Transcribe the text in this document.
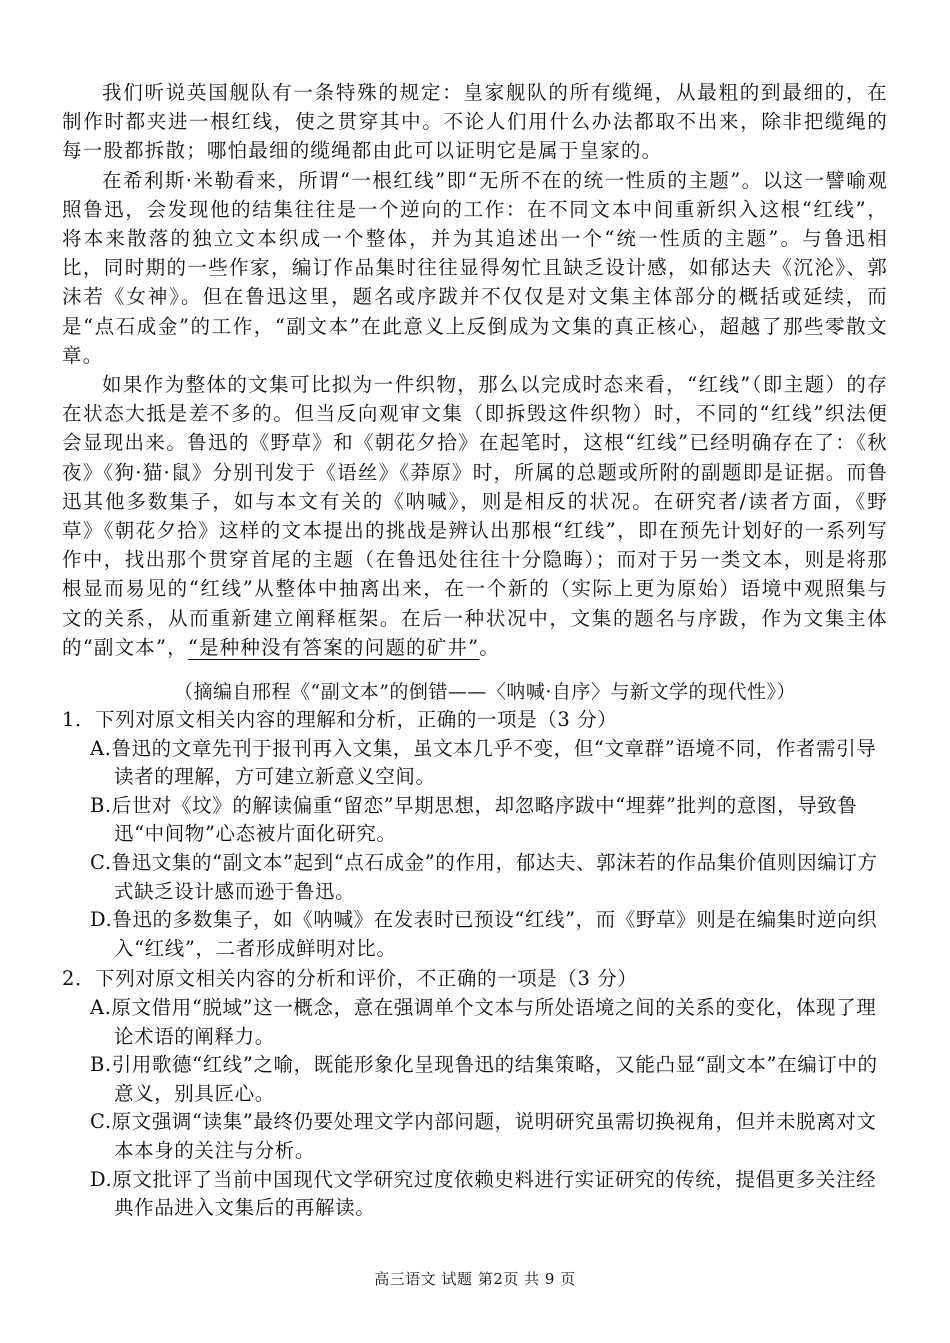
我们听说英国舰队有一条特殊的规定：皇家舰队的所有缆绳，从最粗的到最细的，在制作时都夹进一根红线，使之贯穿其中。不论人们用什么办法都取不出来，除非把缆绳的每一股都拆散；哪怕最细的缆绳都由此可以证明它是属于皇家的。

在希利斯·米勒看来，所谓“一根红线”即“无所不在的统一性质的主题”。以这一譬喻观照鲁迅，会发现他的结集往往是一个逆向的工作：在不同文本中间重新织入这根“红线”，将本来散落的独立文本织成一个整体，并为其追述出一个“统一性质的主题”。与鲁迅相比，同时期的一些作家，编订作品集时往往显得匆忙且缺乏设计感，如郁达夫《沉沦》、郭沫若《女神》。但在鲁迅这里，题名或序跋并不仅仅是对文集主体部分的概括或延续，而是“点石成金”的工作，“副文本”在此意义上反倒成为文集的真正核心，超越了那些零散文章。

如果作为整体的文集可比拟为一件织物，那么以完成时态来看，“红线”（即主题）的存在状态大抵是差不多的。但当反向观审文集（即拆毁这件织物）时，不同的“红线”织法便会显现出来。鲁迅的《野草》和《朝花夕拾》在起笔时，这根“红线”已经明确存在了：《秋夜》《狗·猫·鼠》分别刊发于《语丝》《莽原》时，所属的总题或所附的副题即是证据。而鲁迅其他多数集子，如与本文有关的《呐喊》，则是相反的状况。在研究者/读者方面，《野草》《朝花夕拾》这样的文本提出的挑战是辨认出那根“红线”，即在预先计划好的一系列写作中，找出那个贯穿首尾的主题（在鲁迅处往往十分隐晦）；而对于另一类文本，则是将那根显而易见的“红线”从整体中抽离出来，在一个新的（实际上更为原始）语境中观照集与文的关系，从而重新建立阐释框架。在后一种状况中，文集的题名与序跋，作为文集主体的“副文本”，“是种种没有答案的问题的矿井”。

（摘编自邢程《“副文本”的倒错——〈呐喊·自序〉与新文学的现代性》）

1．下列对原文相关内容的理解和分析，正确的一项是（3 分）

A.鲁迅的文章先刊于报刊再入文集，虽文本几乎不变，但“文章群”语境不同，作者需引导读者的理解，方可建立新意义空间。

B.后世对《坟》的解读偏重“留恋”早期思想，却忽略序跋中“埋葬”批判的意图，导致鲁迅“中间物”心态被片面化研究。

C.鲁迅文集的“副文本”起到“点石成金”的作用，郁达夫、郭沫若的作品集价值则因编订方式缺乏设计感而逊于鲁迅。

D.鲁迅的多数集子，如《呐喊》在发表时已预设“红线”，而《野草》则是在编集时逆向织入“红线”，二者形成鲜明对比。

2．下列对原文相关内容的分析和评价，不正确的一项是（3 分）

A.原文借用“脱域”这一概念，意在强调单个文本与所处语境之间的关系的变化，体现了理论术语的阐释力。

B.引用歌德“红线”之喻，既能形象化呈现鲁迅的结集策略，又能凸显“副文本”在编订中的意义，别具匠心。

C.原文强调“读集”最终仍要处理文学内部问题，说明研究虽需切换视角，但并未脱离对文本本身的关注与分析。

D.原文批评了当前中国现代文学研究过度依赖史料进行实证研究的传统，提倡更多关注经典作品进入文集后的再解读。

高三语文 试题 第2页 共 9 页
